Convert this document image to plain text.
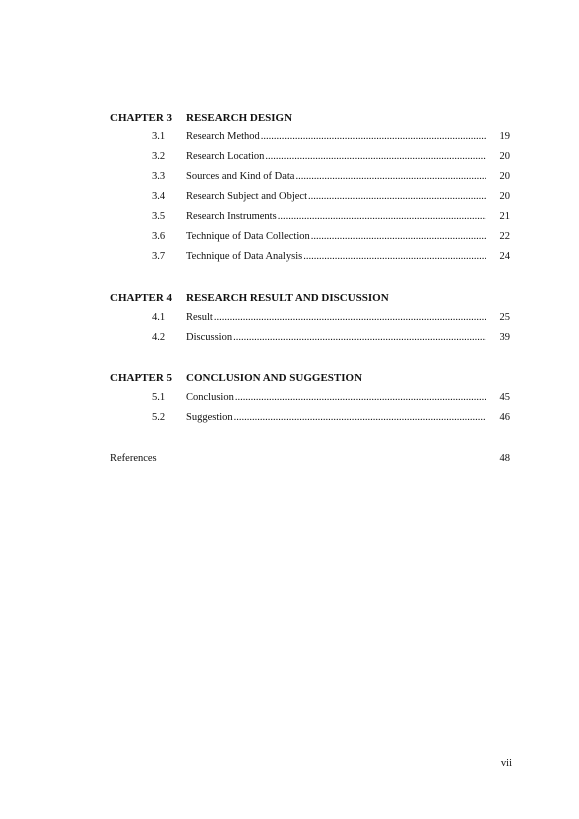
CHAPTER 3 RESEARCH DESIGN
3.1 Research Method .....	19
3.2 Research Location .....	20
3.3 Sources and Kind of Data .....	20
3.4 Research Subject and Object .....	20
3.5 Research Instruments .....	21
3.6 Technique of Data Collection .....	22
3.7 Technique of Data Analysis .....	24
CHAPTER 4 RESEARCH RESULT AND DISCUSSION
4.1 Result .....	25
4.2 Discussion .....	39
CHAPTER 5 CONCLUSION AND SUGGESTION
5.1 Conclusion .....	45
5.2 Suggestion .....	46
References	48
vii
